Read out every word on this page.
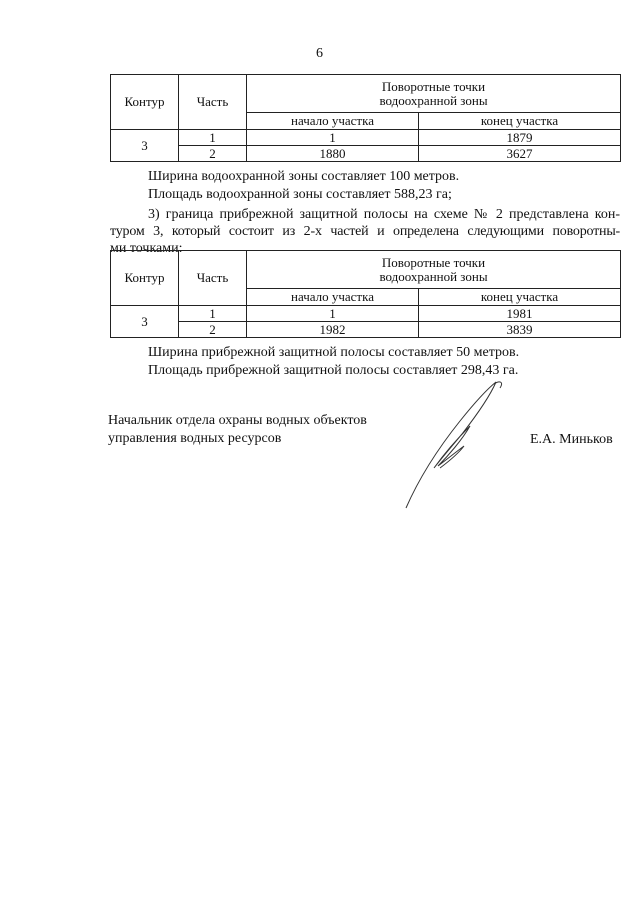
6
Контур	Часть	Поворотные точки
водоохранной зоны	
		начало участка	конец участка
3	1	1	1879
	2	1880	3627
Ширина водоохранной зоны составляет 100 метров.
Площадь водоохранной зоны составляет 588,23 га;
3) граница прибрежной защитной полосы на схеме № 2 представлена кон-
туром 3, который состоит из 2-х частей и определена следующими поворотны-
ми точками:
Контур	Часть	Поворотные точки
водоохранной зоны	
		начало участка	конец участка
3	1	1	1981
	2	1982	3839
Ширина прибрежной защитной полосы составляет 50 метров.
Площадь прибрежной защитной полосы составляет 298,43 га.
Начальник отдела охраны водных объектов
управления водных ресурсов	Е.А. Миньков
